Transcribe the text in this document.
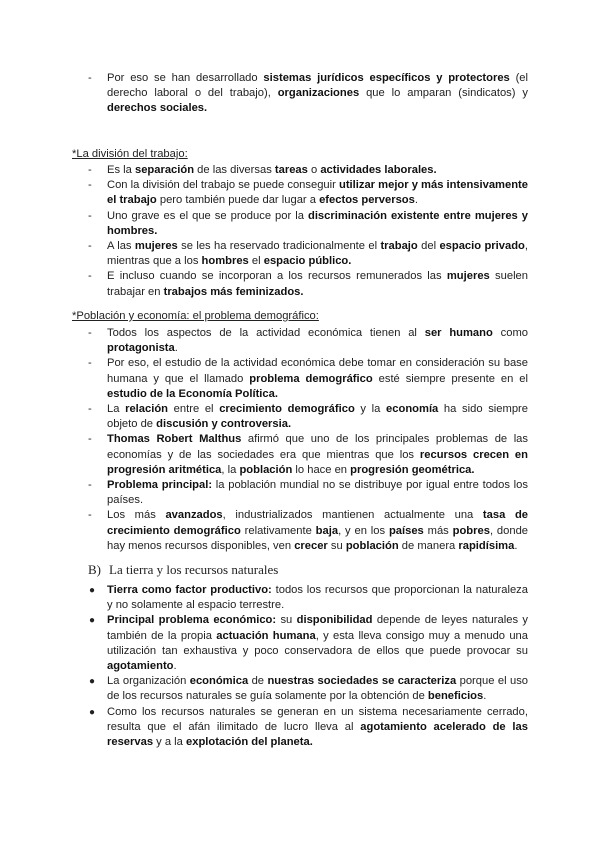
- Por eso se han desarrollado sistemas jurídicos específicos y protectores (el derecho laboral o del trabajo), organizaciones que lo amparan (sindicatos) y derechos sociales.
*La división del trabajo:
- Es la separación de las diversas tareas o actividades laborales.
- Con la división del trabajo se puede conseguir utilizar mejor y más intensivamente el trabajo pero también puede dar lugar a efectos perversos.
- Uno grave es el que se produce por la discriminación existente entre mujeres y hombres.
- A las mujeres se les ha reservado tradicionalmente el trabajo del espacio privado, mientras que a los hombres el espacio público.
- E incluso cuando se incorporan a los recursos remunerados las mujeres suelen trabajar en trabajos más feminizados.
*Población y economía: el problema demográfico:
- Todos los aspectos de la actividad económica tienen al ser humano como protagonista.
- Por eso, el estudio de la actividad económica debe tomar en consideración su base humana y que el llamado problema demográfico esté siempre presente en el estudio de la Economía Política.
- La relación entre el crecimiento demográfico y la economía ha sido siempre objeto de discusión y controversia.
- Thomas Robert Malthus afirmó que uno de los principales problemas de las economías y de las sociedades era que mientras que los recursos crecen en progresión aritmética, la población lo hace en progresión geométrica.
- Problema principal: la población mundial no se distribuye por igual entre todos los países.
- Los más avanzados, industrializados mantienen actualmente una tasa de crecimiento demográfico relativamente baja, y en los países más pobres, donde hay menos recursos disponibles, ven crecer su población de manera rapidísima.
B) La tierra y los recursos naturales
● Tierra como factor productivo: todos los recursos que proporcionan la naturaleza y no solamente al espacio terrestre.
● Principal problema económico: su disponibilidad depende de leyes naturales y también de la propia actuación humana, y esta lleva consigo muy a menudo una utilización tan exhaustiva y poco conservadora de ellos que puede provocar su agotamiento.
● La organización económica de nuestras sociedades se caracteriza porque el uso de los recursos naturales se guía solamente por la obtención de beneficios.
● Como los recursos naturales se generan en un sistema necesariamente cerrado, resulta que el afán ilimitado de lucro lleva al agotamiento acelerado de las reservas y a la explotación del planeta.
